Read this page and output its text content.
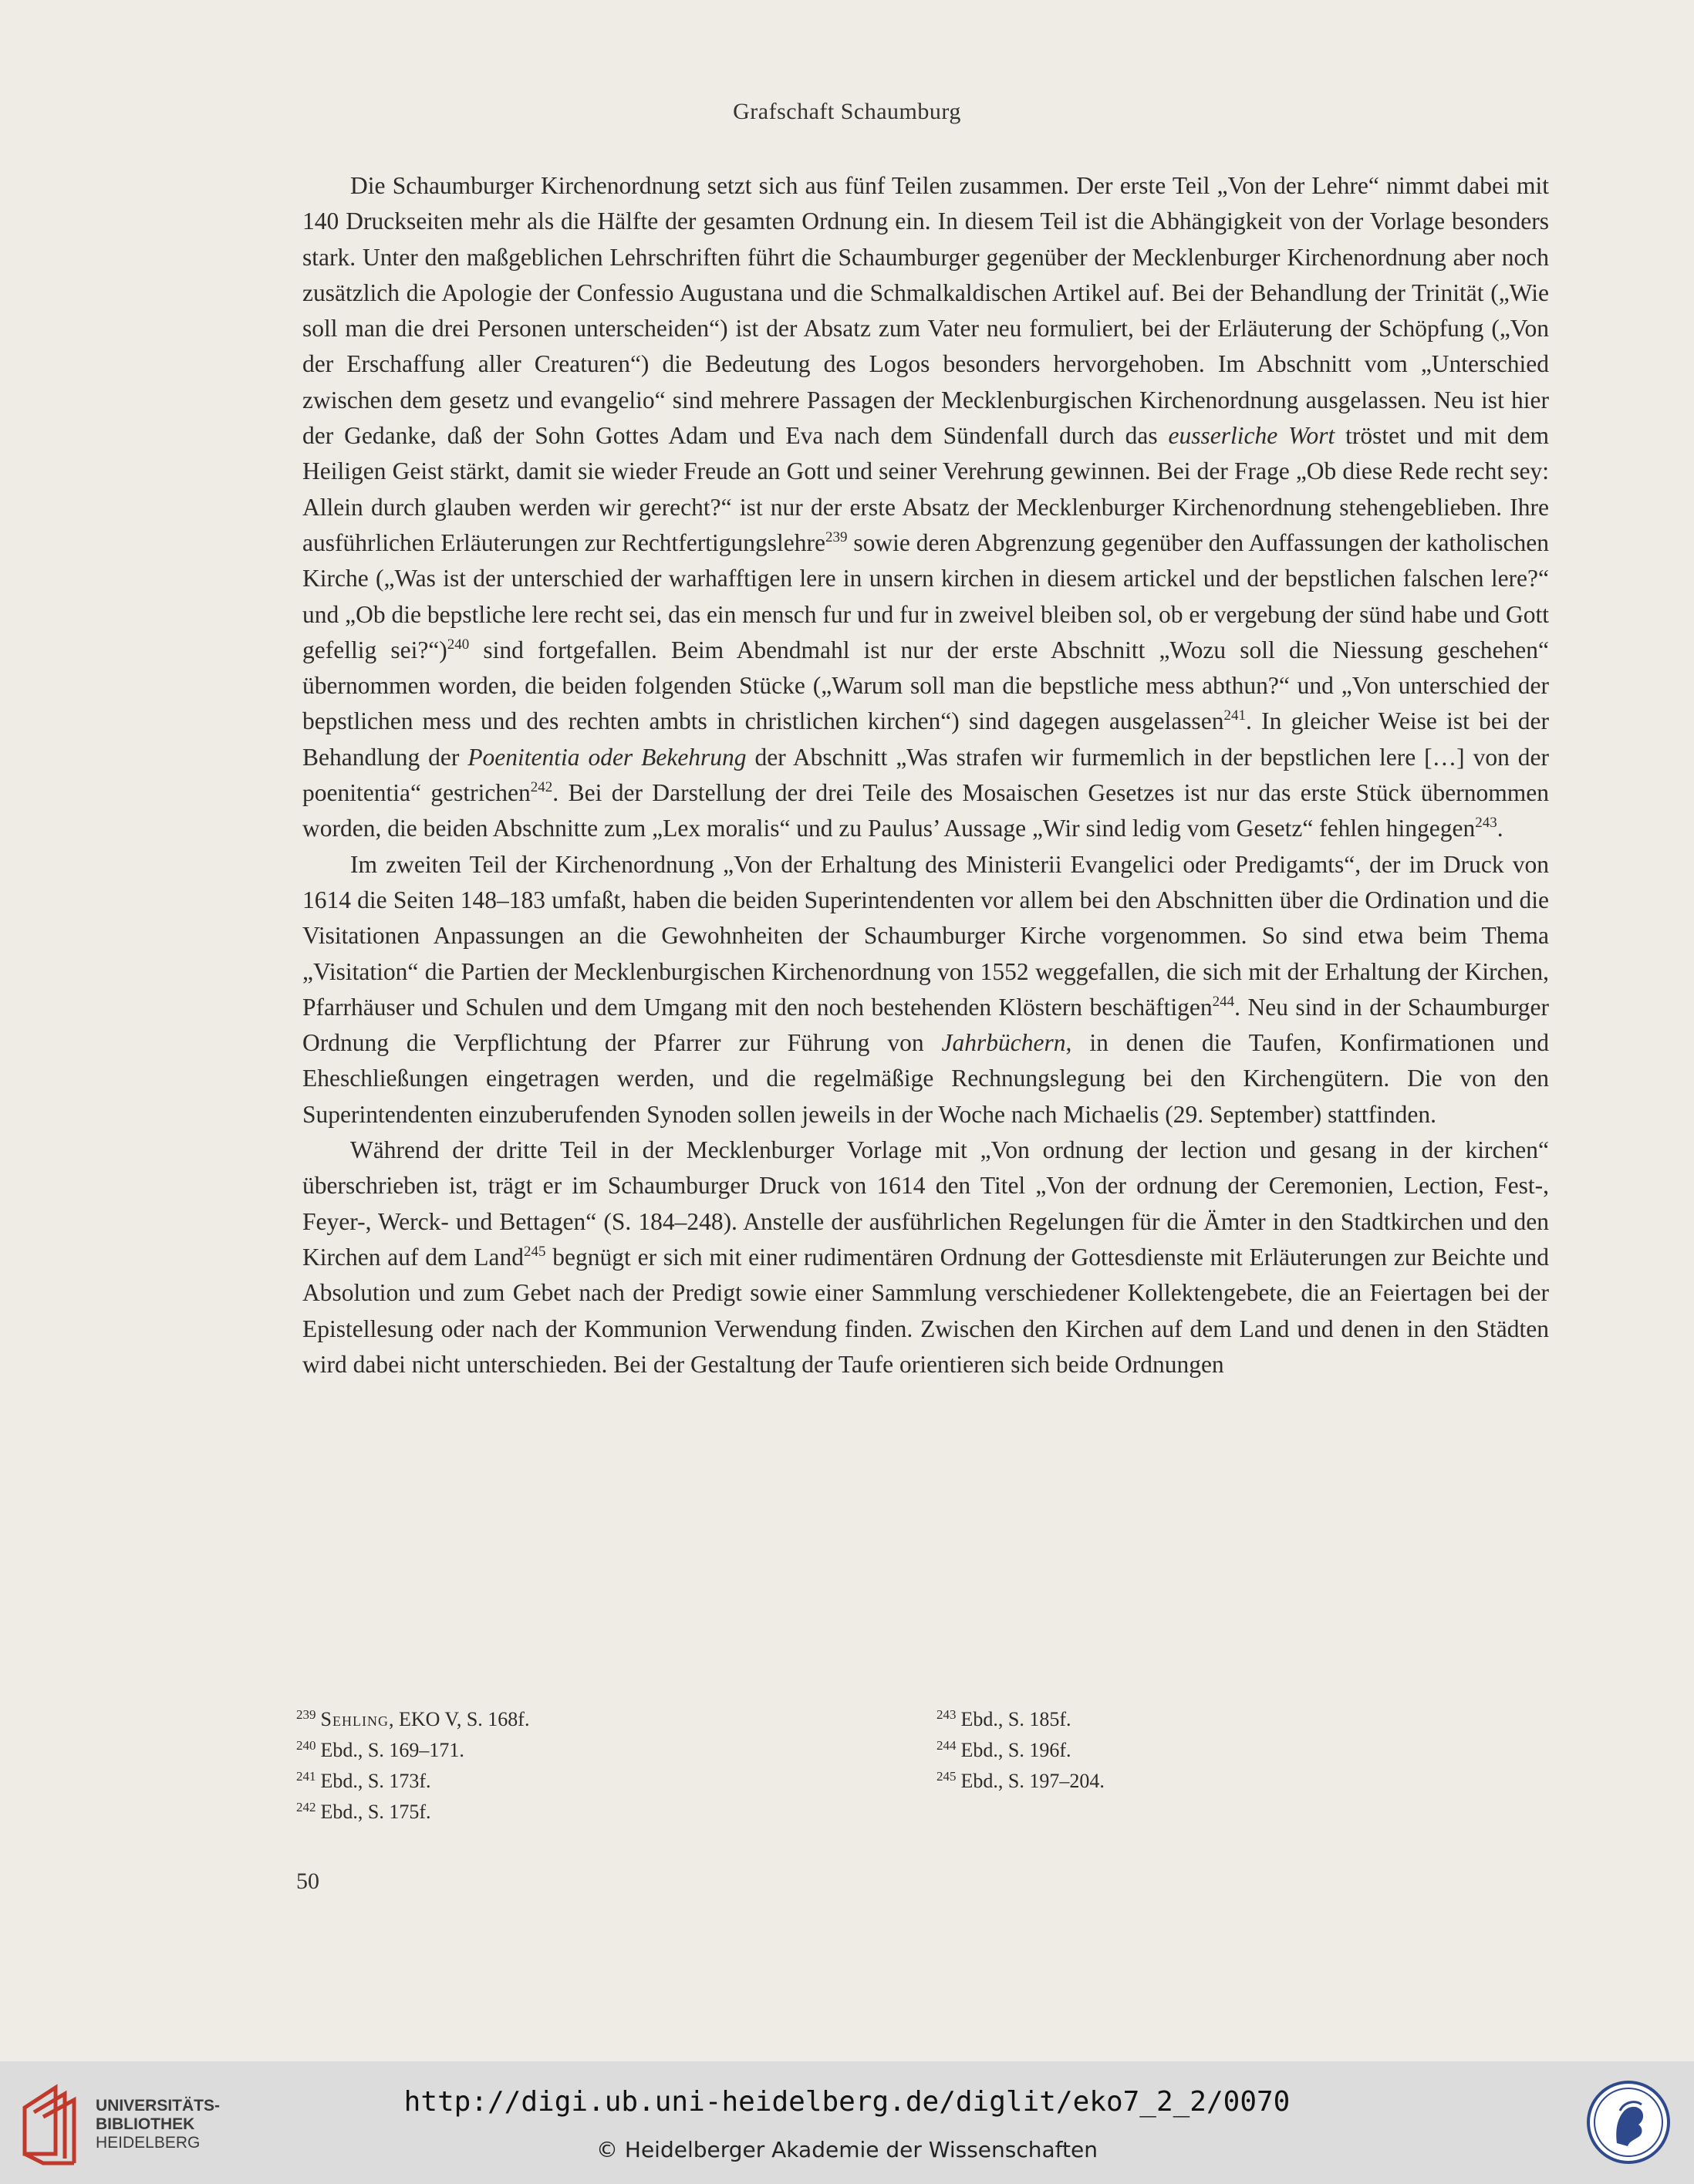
Grafschaft Schaumburg

Die Schaumburger Kirchenordnung setzt sich aus fünf Teilen zusammen. Der erste Teil „Von der Lehre“ nimmt dabei mit 140 Druckseiten mehr als die Hälfte der gesamten Ordnung ein. In diesem Teil ist die Abhängigkeit von der Vorlage besonders stark. Unter den maßgeblichen Lehrschriften führt die Schaumburger gegenüber der Mecklenburger Kirchenordnung aber noch zusätzlich die Apologie der Confessio Augustana und die Schmalkaldischen Artikel auf. Bei der Behandlung der Trinität („Wie soll man die drei Personen unterscheiden“) ist der Absatz zum Vater neu formuliert, bei der Erläuterung der Schöpfung („Von der Erschaffung aller Creaturen“) die Bedeutung des Logos besonders hervorgehoben. Im Abschnitt vom „Unterschied zwischen dem gesetz und evangelio“ sind mehrere Passagen der Mecklenburgischen Kirchenordnung ausgelassen. Neu ist hier der Gedanke, daß der Sohn Gottes Adam und Eva nach dem Sündenfall durch das eusserliche Wort tröstet und mit dem Heiligen Geist stärkt, damit sie wieder Freude an Gott und seiner Verehrung gewinnen. Bei der Frage „Ob diese Rede recht sey: Allein durch glauben werden wir gerecht?“ ist nur der erste Absatz der Mecklenburger Kirchenordnung stehengeblieben. Ihre ausführlichen Erläuterungen zur Rechtfertigungslehre$^{239}$ sowie deren Abgrenzung gegenüber den Auffassungen der katholischen Kirche („Was ist der unterschied der warhafftigen lere in unsern kirchen in diesem artickel und der bepstlichen falschen lere?“ und „Ob die bepstliche lere recht sei, das ein mensch fur und fur in zweivel bleiben sol, ob er vergebung der sünd habe und Gott gefellig sei?“)$^{240}$ sind fortgefallen. Beim Abendmahl ist nur der erste Abschnitt „Wozu soll die Niessung geschehen“ übernommen worden, die beiden folgenden Stücke („Warum soll man die bepstliche mess abthun?“ und „Von unterschied der bepstlichen mess und des rechten ambts in christlichen kirchen“) sind dagegen ausgelassen$^{241}$. In gleicher Weise ist bei der Behandlung der Poenitentia oder Bekehrung der Abschnitt „Was strafen wir furmemlich in der bepstlichen lere […] von der poenitentia“ gestrichen$^{242}$. Bei der Darstellung der drei Teile des Mosaischen Gesetzes ist nur das erste Stück übernommen worden, die beiden Abschnitte zum „Lex moralis“ und zu Paulus’ Aussage „Wir sind ledig vom Gesetz“ fehlen hingegen$^{243}$.

Im zweiten Teil der Kirchenordnung „Von der Erhaltung des Ministerii Evangelici oder Predigamts“, der im Druck von 1614 die Seiten 148–183 umfaßt, haben die beiden Superintendenten vor allem bei den Abschnitten über die Ordination und die Visitationen Anpassungen an die Gewohnheiten der Schaumburger Kirche vorgenommen. So sind etwa beim Thema „Visitation“ die Partien der Mecklenburgischen Kirchenordnung von 1552 weggefallen, die sich mit der Erhaltung der Kirchen, Pfarrhäuser und Schulen und dem Umgang mit den noch bestehenden Klöstern beschäftigen$^{244}$. Neu sind in der Schaumburger Ordnung die Verpflichtung der Pfarrer zur Führung von Jahrbüchern, in denen die Taufen, Konfirmationen und Eheschließungen eingetragen werden, und die regelmäßige Rechnungslegung bei den Kirchengütern. Die von den Superintendenten einzuberufenden Synoden sollen jeweils in der Woche nach Michaelis (29. September) stattfinden.

Während der dritte Teil in der Mecklenburger Vorlage mit „Von ordnung der lection und gesang in der kirchen“ überschrieben ist, trägt er im Schaumburger Druck von 1614 den Titel „Von der ordnung der Ceremonien, Lection, Fest-, Feyer-, Werck- und Bettagen“ (S. 184–248). Anstelle der ausführlichen Regelungen für die Ämter in den Stadtkirchen und den Kirchen auf dem Land$^{245}$ begnügt er sich mit einer rudimentären Ordnung der Gottesdienste mit Erläuterungen zur Beichte und Absolution und zum Gebet nach der Predigt sowie einer Sammlung verschiedener Kollektengebete, die an Feiertagen bei der Epistellesung oder nach der Kommunion Verwendung finden. Zwischen den Kirchen auf dem Land und denen in den Städten wird dabei nicht unterschieden. Bei der Gestaltung der Taufe orientieren sich beide Ordnungen

$^{239}$ Sehling, EKO V, S. 168f.
$^{240}$ Ebd., S. 169–171.
$^{241}$ Ebd., S. 173f.
$^{242}$ Ebd., S. 175f.
$^{243}$ Ebd., S. 185f.
$^{244}$ Ebd., S. 196f.
$^{245}$ Ebd., S. 197–204.
50
UNIVERSITÄTS-
BIBLIOTHEK
HEIDELBERG
http://digi.ub.uni-heidelberg.de/diglit/eko7_2_2/0070
© Heidelberger Akademie der Wissenschaften
